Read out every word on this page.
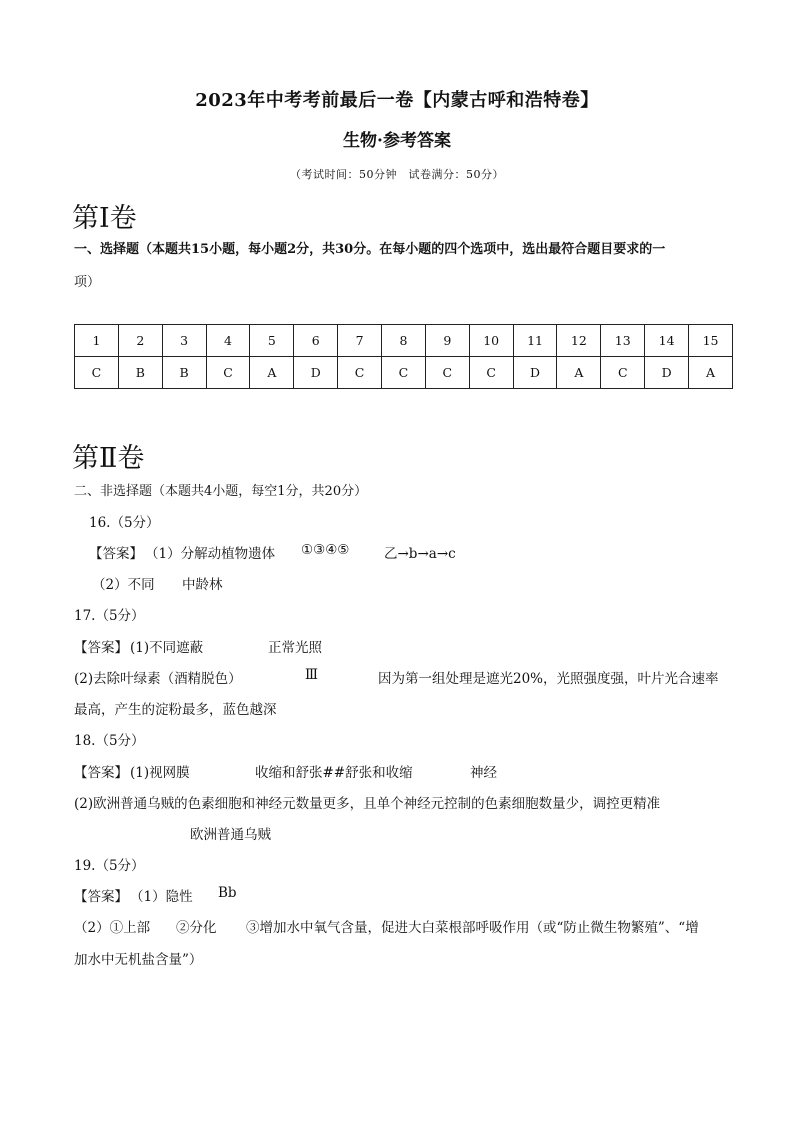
2023年中考考前最后一卷【内蒙古呼和浩特卷】
生物·参考答案
（考试时间：50分钟　试卷满分：50分）
第Ⅰ卷
一、选择题（本题共15小题，每小题2分，共30分。在每小题的四个选项中，选出最符合题目要求的一
项）
1	2	3	4	5	6	7	8	9	10	11	12	13	14	15
C	B	B	C	A	D	C	C	C	C	D	A	C	D	A
第Ⅱ卷
二、非选择题（本题共4小题，每空1分，共20分）
16.（5分）
【答案】 （1）分解动植物遗体 ①③④⑤	乙→b→a→c
（2）不同 中龄林
17.（5分）
【答案】 (1)不同遮蔽	正常光照
(2)去除叶绿素（酒精脱色）	Ⅲ	因为第一组处理是遮光20%，光照强度强，叶片光合速率
最高，产生的淀粉最多，蓝色越深
18.（5分）
【答案】 (1)视网膜	收缩和舒张##舒张和收缩	神经
(2)欧洲普通乌贼的色素细胞和神经元数量更多，且单个神经元控制的色素细胞数量少，调控更精准
欧洲普通乌贼
19.（5分）
【答案】 （1）隐性 Bb
（2）①上部 ②分化 ③增加水中氧气含量，促进大白菜根部呼吸作用（或“防止微生物繁殖”、“增
加水中无机盐含量”）
